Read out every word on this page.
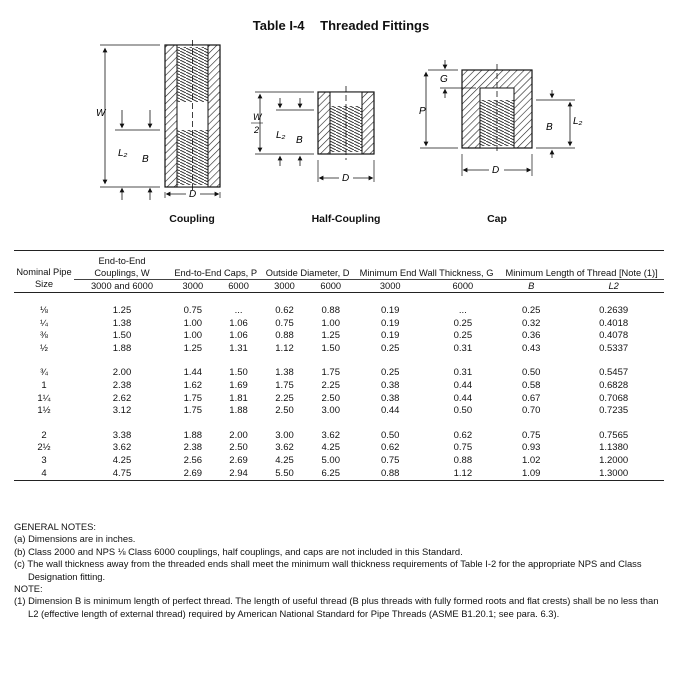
Table I-4 Threaded Fittings
W
L₂
B
D
W
2 L₂ B
D
G
P
B
L₂
D
Coupling	Half-Coupling	Cap
Nominal Pipe Size	End-to-End Couplings, W	End-to-End Caps, P		Outside Diameter, D		Minimum End Wall Thickness, G		Minimum Length of Thread [Note (1)]	
	3000 and 6000	3000	6000	3000	6000	3000	6000	B	L2

⅛	1.25	0.75	...	0.62	0.88	0.19	...	0.25	0.2639
¼	1.38	1.00	1.06	0.75	1.00	0.19	0.25	0.32	0.4018
⅜	1.50	1.00	1.06	0.88	1.25	0.19	0.25	0.36	0.4078
½	1.88	1.25	1.31	1.12	1.50	0.25	0.31	0.43	0.5337

¾	2.00	1.44	1.50	1.38	1.75	0.25	0.31	0.50	0.5457
1	2.38	1.62	1.69	1.75	2.25	0.38	0.44	0.58	0.6828
1¼	2.62	1.75	1.81	2.25	2.50	0.38	0.44	0.67	0.7068
1½	3.12	1.75	1.88	2.50	3.00	0.44	0.50	0.70	0.7235

2	3.38	1.88	2.00	3.00	3.62	0.50	0.62	0.75	0.7565
2½	3.62	2.38	2.50	3.62	4.25	0.62	0.75	0.93	1.1380
3	4.25	2.56	2.69	4.25	5.00	0.75	0.88	1.02	1.2000
4	4.75	2.69	2.94	5.50	6.25	0.88	1.12	1.09	1.3000

GENERAL NOTES:

(a) Dimensions are in inches.

(b) Class 2000 and NPS ⅛ Class 6000 couplings, half couplings, and caps are not included in this Standard.

(c) The wall thickness away from the threaded ends shall meet the minimum wall thickness requirements of Table I-2 for the appropriate NPS and Class Designation fitting.

NOTE:

(1) Dimension B is minimum length of perfect thread. The length of useful thread (B plus threads with fully formed roots and flat crests) shall be no less than L2 (effective length of external thread) required by American National Standard for Pipe Threads (ASME B1.20.1; see para. 6.3).
